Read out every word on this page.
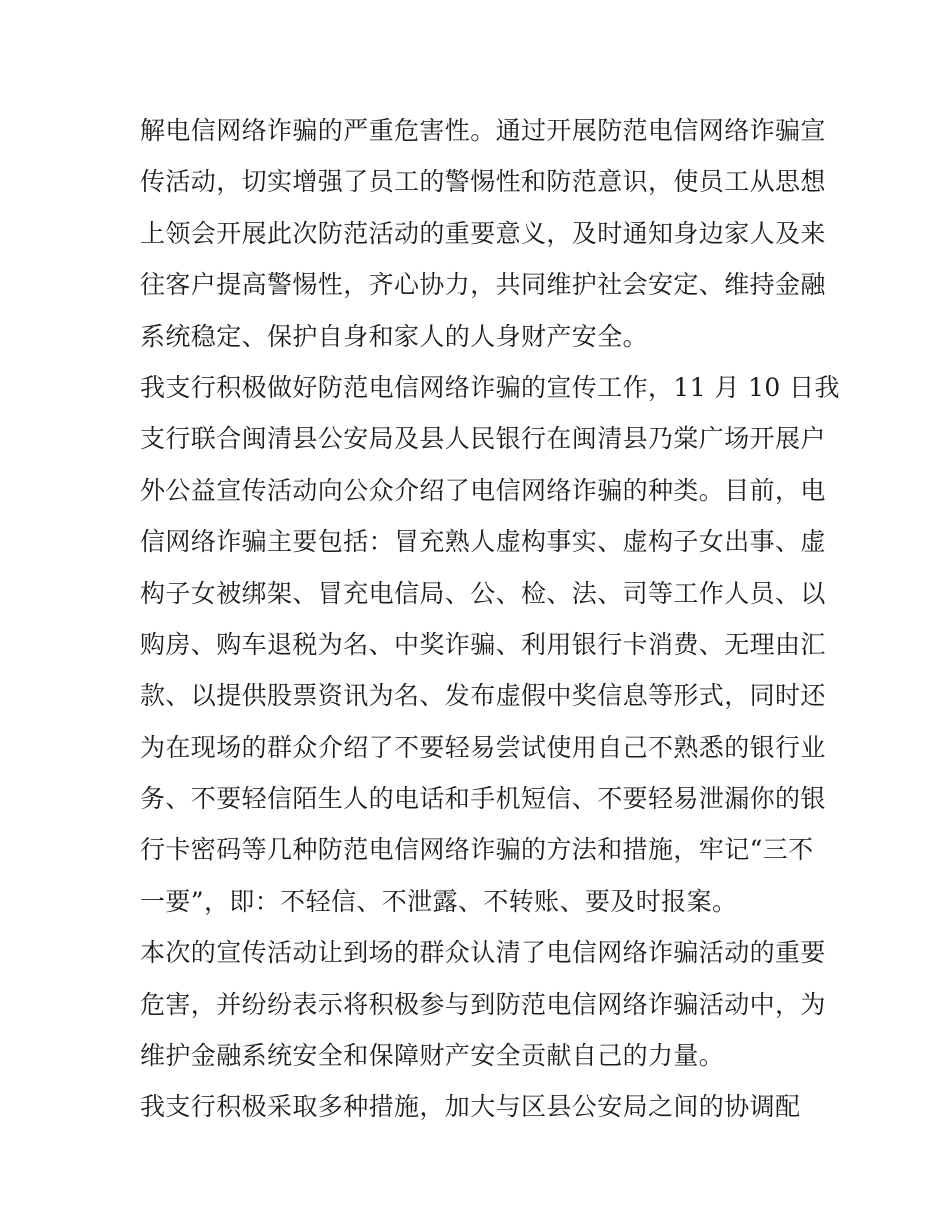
解电信网络诈骗的严重危害性。通过开展防范电信网络诈骗宣
传活动，切实增强了员工的警惕性和防范意识，使员工从思想
上领会开展此次防范活动的重要意义，及时通知身边家人及来
往客户提高警惕性，齐心协力，共同维护社会安定、维持金融
系统稳定、保护自身和家人的人身财产安全。
我支行积极做好防范电信网络诈骗的宣传工作，11 月 10 日我
支行联合闽清县公安局及县人民银行在闽清县乃棠广场开展户
外公益宣传活动向公众介绍了电信网络诈骗的种类。目前，电
信网络诈骗主要包括：冒充熟人虚构事实、虚构子女出事、虚
构子女被绑架、冒充电信局、公、检、法、司等工作人员、以
购房、购车退税为名、中奖诈骗、利用银行卡消费、无理由汇
款、以提供股票资讯为名、发布虚假中奖信息等形式，同时还
为在现场的群众介绍了不要轻易尝试使用自己不熟悉的银行业
务、不要轻信陌生人的电话和手机短信、不要轻易泄漏你的银
行卡密码等几种防范电信网络诈骗的方法和措施，牢记“三不
一要”，即：不轻信、不泄露、不转账、要及时报案。
本次的宣传活动让到场的群众认清了电信网络诈骗活动的重要
危害，并纷纷表示将积极参与到防范电信网络诈骗活动中，为
维护金融系统安全和保障财产安全贡献自己的力量。
我支行积极采取多种措施，加大与区县公安局之间的协调配
